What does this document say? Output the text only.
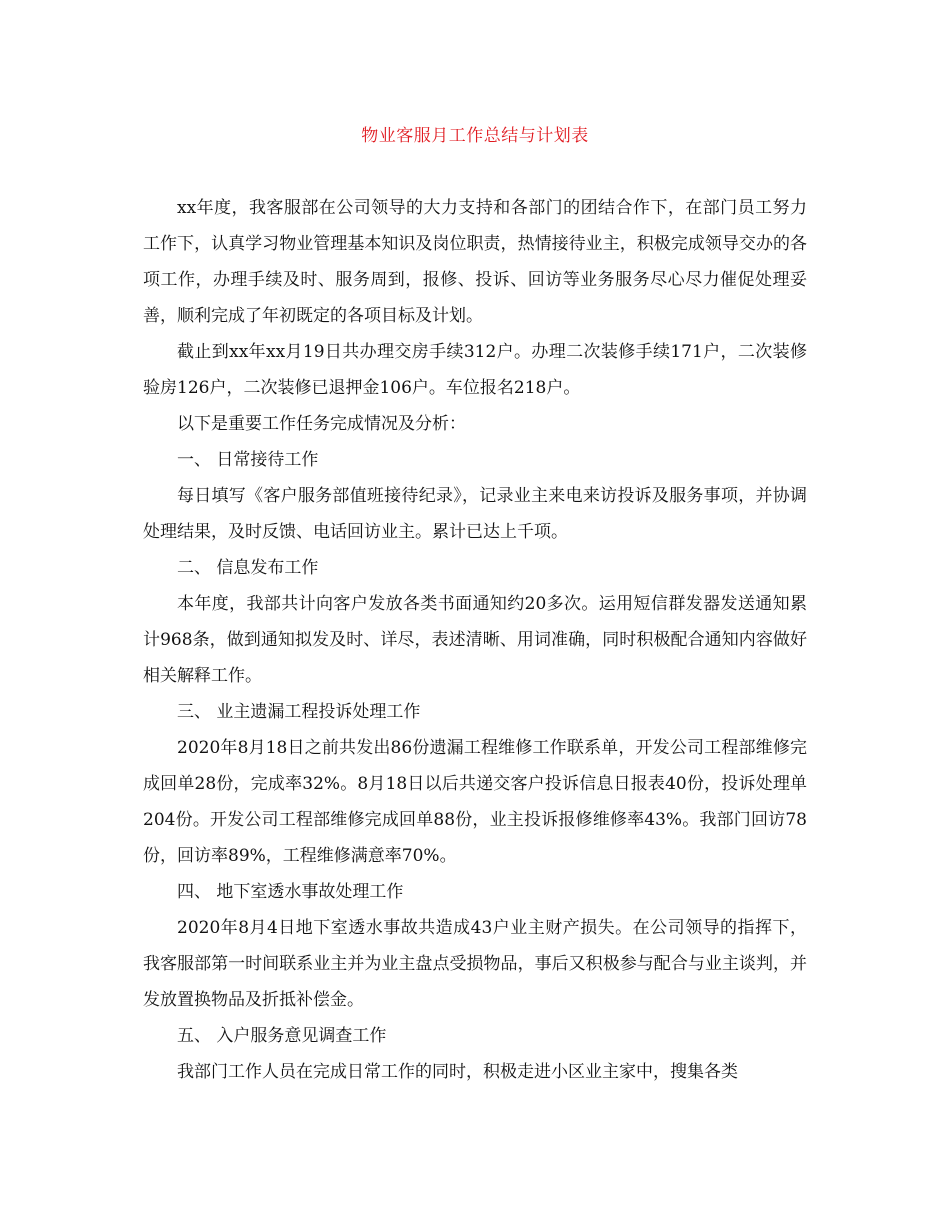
物业客服月工作总结与计划表

xx年度，我客服部在公司领导的大力支持和各部门的团结合作下，在部门员工努力工作下，认真学习物业管理基本知识及岗位职责，热情接待业主，积极完成领导交办的各项工作，办理手续及时、服务周到，报修、投诉、回访等业务服务尽心尽力催促处理妥善，顺利完成了年初既定的各项目标及计划。

截止到xx年xx月19日共办理交房手续312户。办理二次装修手续171户，二次装修验房126户，二次装修已退押金106户。车位报名218户。

以下是重要工作任务完成情况及分析：

一、 日常接待工作

每日填写《客户服务部值班接待纪录》，记录业主来电来访投诉及服务事项，并协调处理结果，及时反馈、电话回访业主。累计已达上千项。

二、 信息发布工作

本年度，我部共计向客户发放各类书面通知约20多次。运用短信群发器发送通知累计968条，做到通知拟发及时、详尽，表述清晰、用词准确，同时积极配合通知内容做好相关解释工作。

三、 业主遗漏工程投诉处理工作

2020年8月18日之前共发出86份遗漏工程维修工作联系单，开发公司工程部维修完成回单28份，完成率32%。8月18日以后共递交客户投诉信息日报表40份，投诉处理单204份。开发公司工程部维修完成回单88份，业主投诉报修维修率43%。我部门回访78份，回访率89%，工程维修满意率70%。

四、 地下室透水事故处理工作

2020年8月4日地下室透水事故共造成43户业主财产损失。在公司领导的指挥下，我客服部第一时间联系业主并为业主盘点受损物品，事后又积极参与配合与业主谈判，并发放置换物品及折抵补偿金。

五、 入户服务意见调查工作

我部门工作人员在完成日常工作的同时，积极走进小区业主家中，搜集各类
